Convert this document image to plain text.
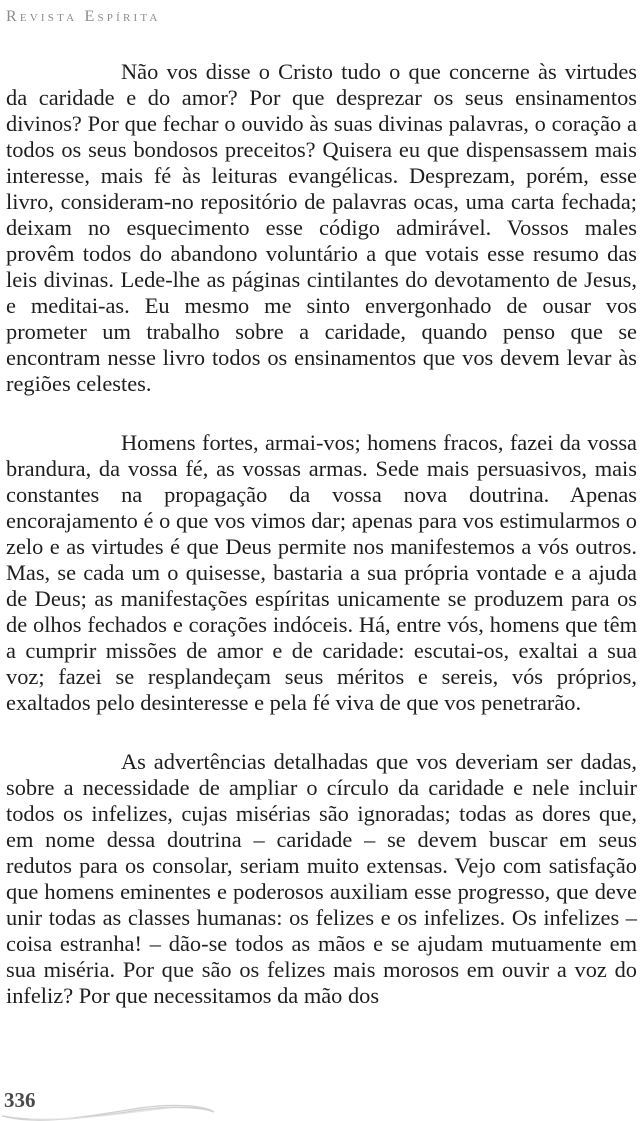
Revista Espírita

Não vos disse o Cristo tudo o que concerne às virtudes da caridade e do amor? Por que desprezar os seus ensinamentos divinos? Por que fechar o ouvido às suas divinas palavras, o coração a todos os seus bondosos preceitos? Quisera eu que dispensassem mais interesse, mais fé às leituras evangélicas. Desprezam, porém, esse livro, consideram-no repositório de palavras ocas, uma carta fechada; deixam no esquecimento esse código admirável. Vossos males provêm todos do abandono voluntário a que votais esse resumo das leis divinas. Lede-lhe as páginas cintilantes do devotamento de Jesus, e meditai-as. Eu mesmo me sinto envergonhado de ousar vos prometer um trabalho sobre a caridade, quando penso que se encontram nesse livro todos os ensinamentos que vos devem levar às regiões celestes.

Homens fortes, armai-vos; homens fracos, fazei da vossa brandura, da vossa fé, as vossas armas. Sede mais persuasivos, mais constantes na propagação da vossa nova doutrina. Apenas encorajamento é o que vos vimos dar; apenas para vos estimularmos o zelo e as virtudes é que Deus permite nos manifestemos a vós outros. Mas, se cada um o quisesse, bastaria a sua própria vontade e a ajuda de Deus; as manifestações espíritas unicamente se produzem para os de olhos fechados e corações indóceis. Há, entre vós, homens que têm a cumprir missões de amor e de caridade: escutai-os, exaltai a sua voz; fazei se resplandeçam seus méritos e sereis, vós próprios, exaltados pelo desinteresse e pela fé viva de que vos penetrarão.

As advertências detalhadas que vos deveriam ser dadas, sobre a necessidade de ampliar o círculo da caridade e nele incluir todos os infelizes, cujas misérias são ignoradas; todas as dores que, em nome dessa doutrina – caridade – se devem buscar em seus redutos para os consolar, seriam muito extensas. Vejo com satisfação que homens eminentes e poderosos auxiliam esse progresso, que deve unir todas as classes humanas: os felizes e os infelizes. Os infelizes – coisa estranha! – dão-se todos as mãos e se ajudam mutuamente em sua miséria. Por que são os felizes mais morosos em ouvir a voz do infeliz? Por que necessitamos da mão dos

336
